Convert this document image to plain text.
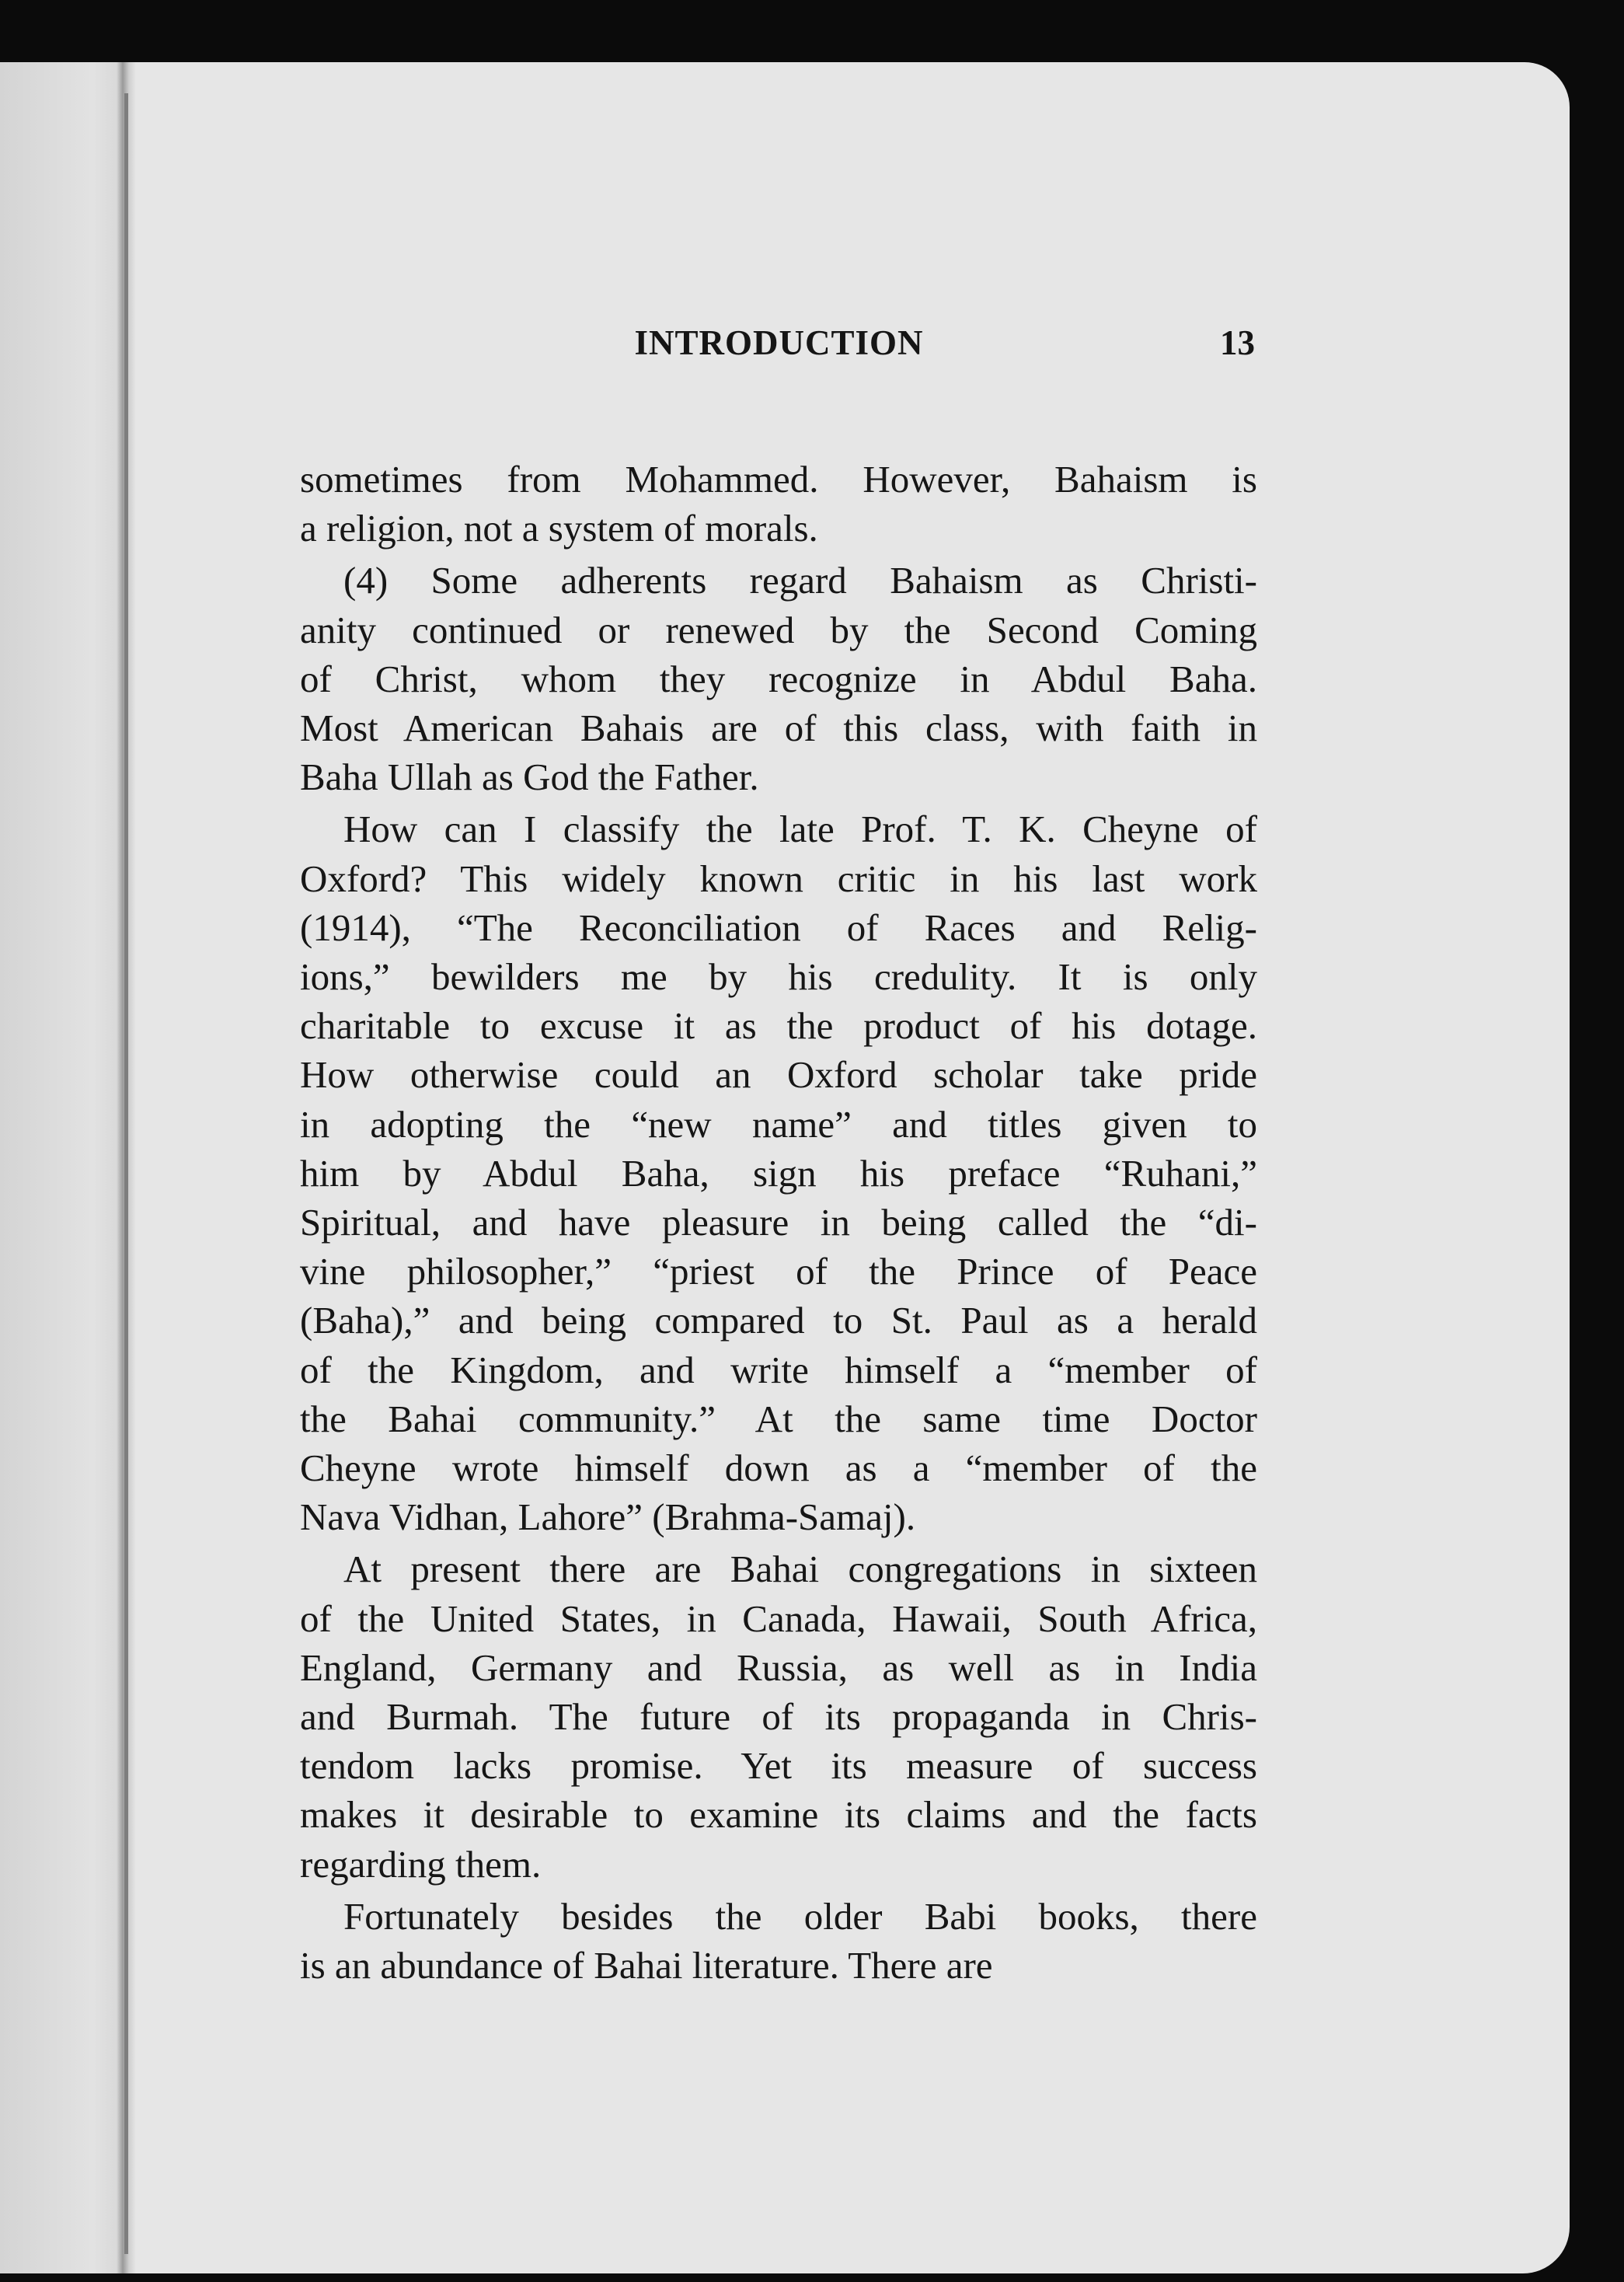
INTRODUCTION	13
sometimes from Mohammed. However, Bahaism is
a religion, not a system of morals.
(4) Some adherents regard Bahaism as Christi-
anity continued or renewed by the Second Coming
of Christ, whom they recognize in Abdul Baha.
Most American Bahais are of this class, with faith in
Baha Ullah as God the Father.
How can I classify the late Prof. T. K. Cheyne of
Oxford? This widely known critic in his last work
(1914), “The Reconciliation of Races and Relig-
ions,” bewilders me by his credulity. It is only
charitable to excuse it as the product of his dotage.
How otherwise could an Oxford scholar take pride
in adopting the “new name” and titles given to
him by Abdul Baha, sign his preface “Ruhani,”
Spiritual, and have pleasure in being called the “di-
vine philosopher,” “priest of the Prince of Peace
(Baha),” and being compared to St. Paul as a herald
of the Kingdom, and write himself a “member of
the Bahai community.” At the same time Doctor
Cheyne wrote himself down as a “member of the
Nava Vidhan, Lahore” (Brahma-Samaj).
At present there are Bahai congregations in sixteen
of the United States, in Canada, Hawaii, South Africa,
England, Germany and Russia, as well as in India
and Burmah. The future of its propaganda in Chris-
tendom lacks promise. Yet its measure of success
makes it desirable to examine its claims and the facts
regarding them.
Fortunately besides the older Babi books, there
is an abundance of Bahai literature. There are
